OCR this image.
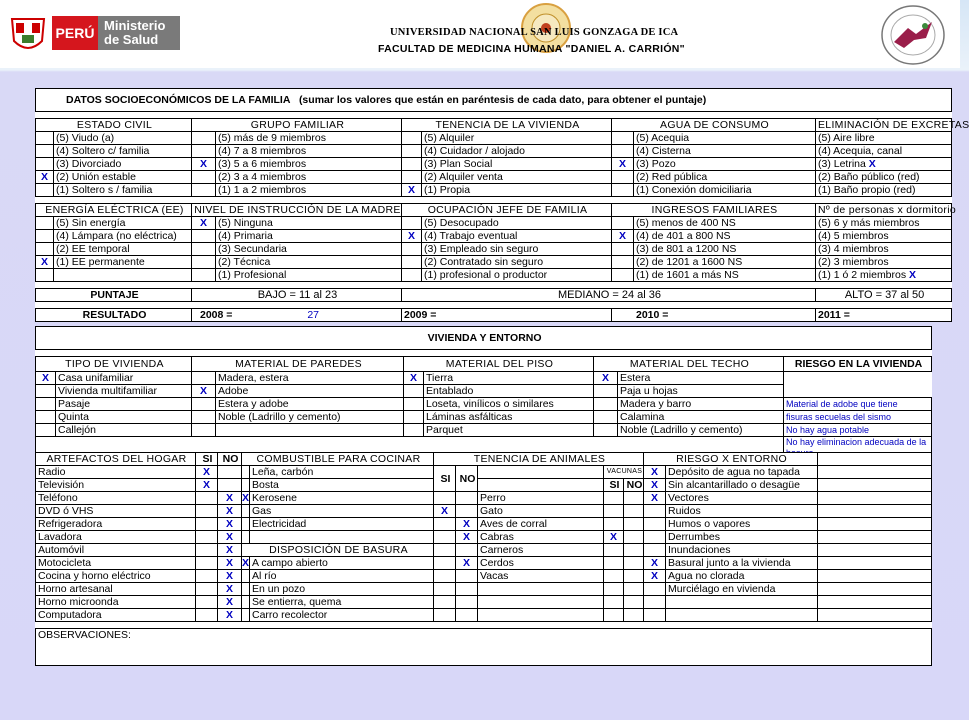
PERÚ Ministerio
de Salud	UNIVERSIDAD NACIONAL SAN LUIS GONZAGA DE ICA
FACULTAD DE MEDICINA HUMANA "DANIEL A. CARRIÓN"
DATOS SOCIOECONÓMICOS DE LA FAMILIA (sumar los valores que están en paréntesis de cada dato, para obtener el puntaje)								

ESTADO CIVIL		GRUPO FAMILIAR		TENENCIA DE LA VIVIENDA		AGUA DE CONSUMO		ELIMINACIÓN DE EXCRETAS
	(5) Viudo (a)		(5) más de 9 miembros		(5) Alquiler		(5) Acequia	(5) Aire libre
	(4) Soltero c/ familia		(4) 7 a 8 miembros		(4) Cuidador / alojado		(4) Cisterna	(4) Acequia, canal
	(3) Divorciado	X	(3) 5 a 6 miembros		(3) Plan Social	X	(3) Pozo	(3) Letrina X
X	(2) Unión estable		(2) 3 a 4 miembros		(2) Alquiler venta		(2) Red pública	(2) Baño público (red)
	(1) Soltero s / familia		(1) 1 a 2 miembros	X	(1) Propia		(1) Conexión domiciliaria	(1) Baño propio (red)

ENERGÍA ELÉCTRICA (EE)		NIVEL DE INSTRUCCIÓN DE LA MADRE		OCUPACIÓN JEFE DE FAMILIA		INGRESOS FAMILIARES		Nº de personas x dormitorio
	(5) Sin energía	X	(5) Ninguna		(5) Desocupado		(5) menos de 400 NS	(5) 6 y más miembros
	(4) Lámpara (no eléctrica)		(4) Primaria	X	(4) Trabajo eventual	X	(4) de 401 a 800 NS	(4) 5 miembros
	(2) EE temporal		(3) Secundaria		(3) Empleado sin seguro		(3) de 801 a 1200 NS	(3) 4 miembros
X	(1) EE permanente		(2) Técnica		(2) Contratado sin seguro		(2) de 1201 a 1600 NS	(2) 3 miembros
			(1) Profesional		(1) profesional o productor		(1) de 1601 a más NS	(1) 1 ó 2 miembros X

PUNTAJE		BAJO = 11 al 23		MEDIANO = 24 al 36				ALTO = 37 al 50

RESULTADO		2008 = 27		2009 =		2010 =		2011 =
VIVIENDA Y ENTORNO								

TIPO DE VIVIENDA		MATERIAL DE PAREDES		MATERIAL DEL PISO		MATERIAL DEL TECHO		RIESGO EN LA VIVIENDA
X	Casa unifamiliar		Madera, estera	X	Tierra	X	Estera	
	Vivienda multifamiliar	X	Adobe		Entablado		Paja u hojas	
	Pasaje		Estera y adobe		Loseta, vinílicos o similares		Madera y barro	Material de adobe que tiene
	Quinta		Noble (Ladrillo y cemento)		Láminas asfálticas		Calamina	fisuras secuelas del sismo
	Callejón				Parquet		Noble (Ladrillo y cemento)	No hay agua potable
								No hay eliminacion adecuada de la
ARTEFACTOS DEL HOGAR	SI	NO	COMBUSTIBLE PARA COCINAR		TENENCIA DE ANIMALES					RIESGO X ENTORNO		
Radio	X			Leña, carbón	SI	NO		VACUNAS		X	Depósito de agua no tapada	
Televisión	X			Bosta				SI	NO	X	Sin alcantarillado o desagüe	
Teléfono		X	X	Kerosene			Perro			X	Vectores	
DVD ó VHS		X		Gas	X		Gato				Ruidos	
Refrigeradora		X		Electricidad		X	Aves de corral				Humos o vapores	
Lavadora		X				X	Cabras	X			Derrumbes	
Automóvil		X	DISPOSICIÓN DE BASURA				Carneros				Inundaciones	
Motocicleta		X	X	A campo abierto		X	Cerdos			X	Basural junto a la vivienda	
Cocina y horno eléctrico		X		Al río			Vacas			X	Agua no clorada	
Horno artesanal		X		En un pozo							Murciélago en vivienda	
Horno microonda		X		Se entierra, quema								
Computadora		X		Carro recolector								

OBSERVACIONES:												
